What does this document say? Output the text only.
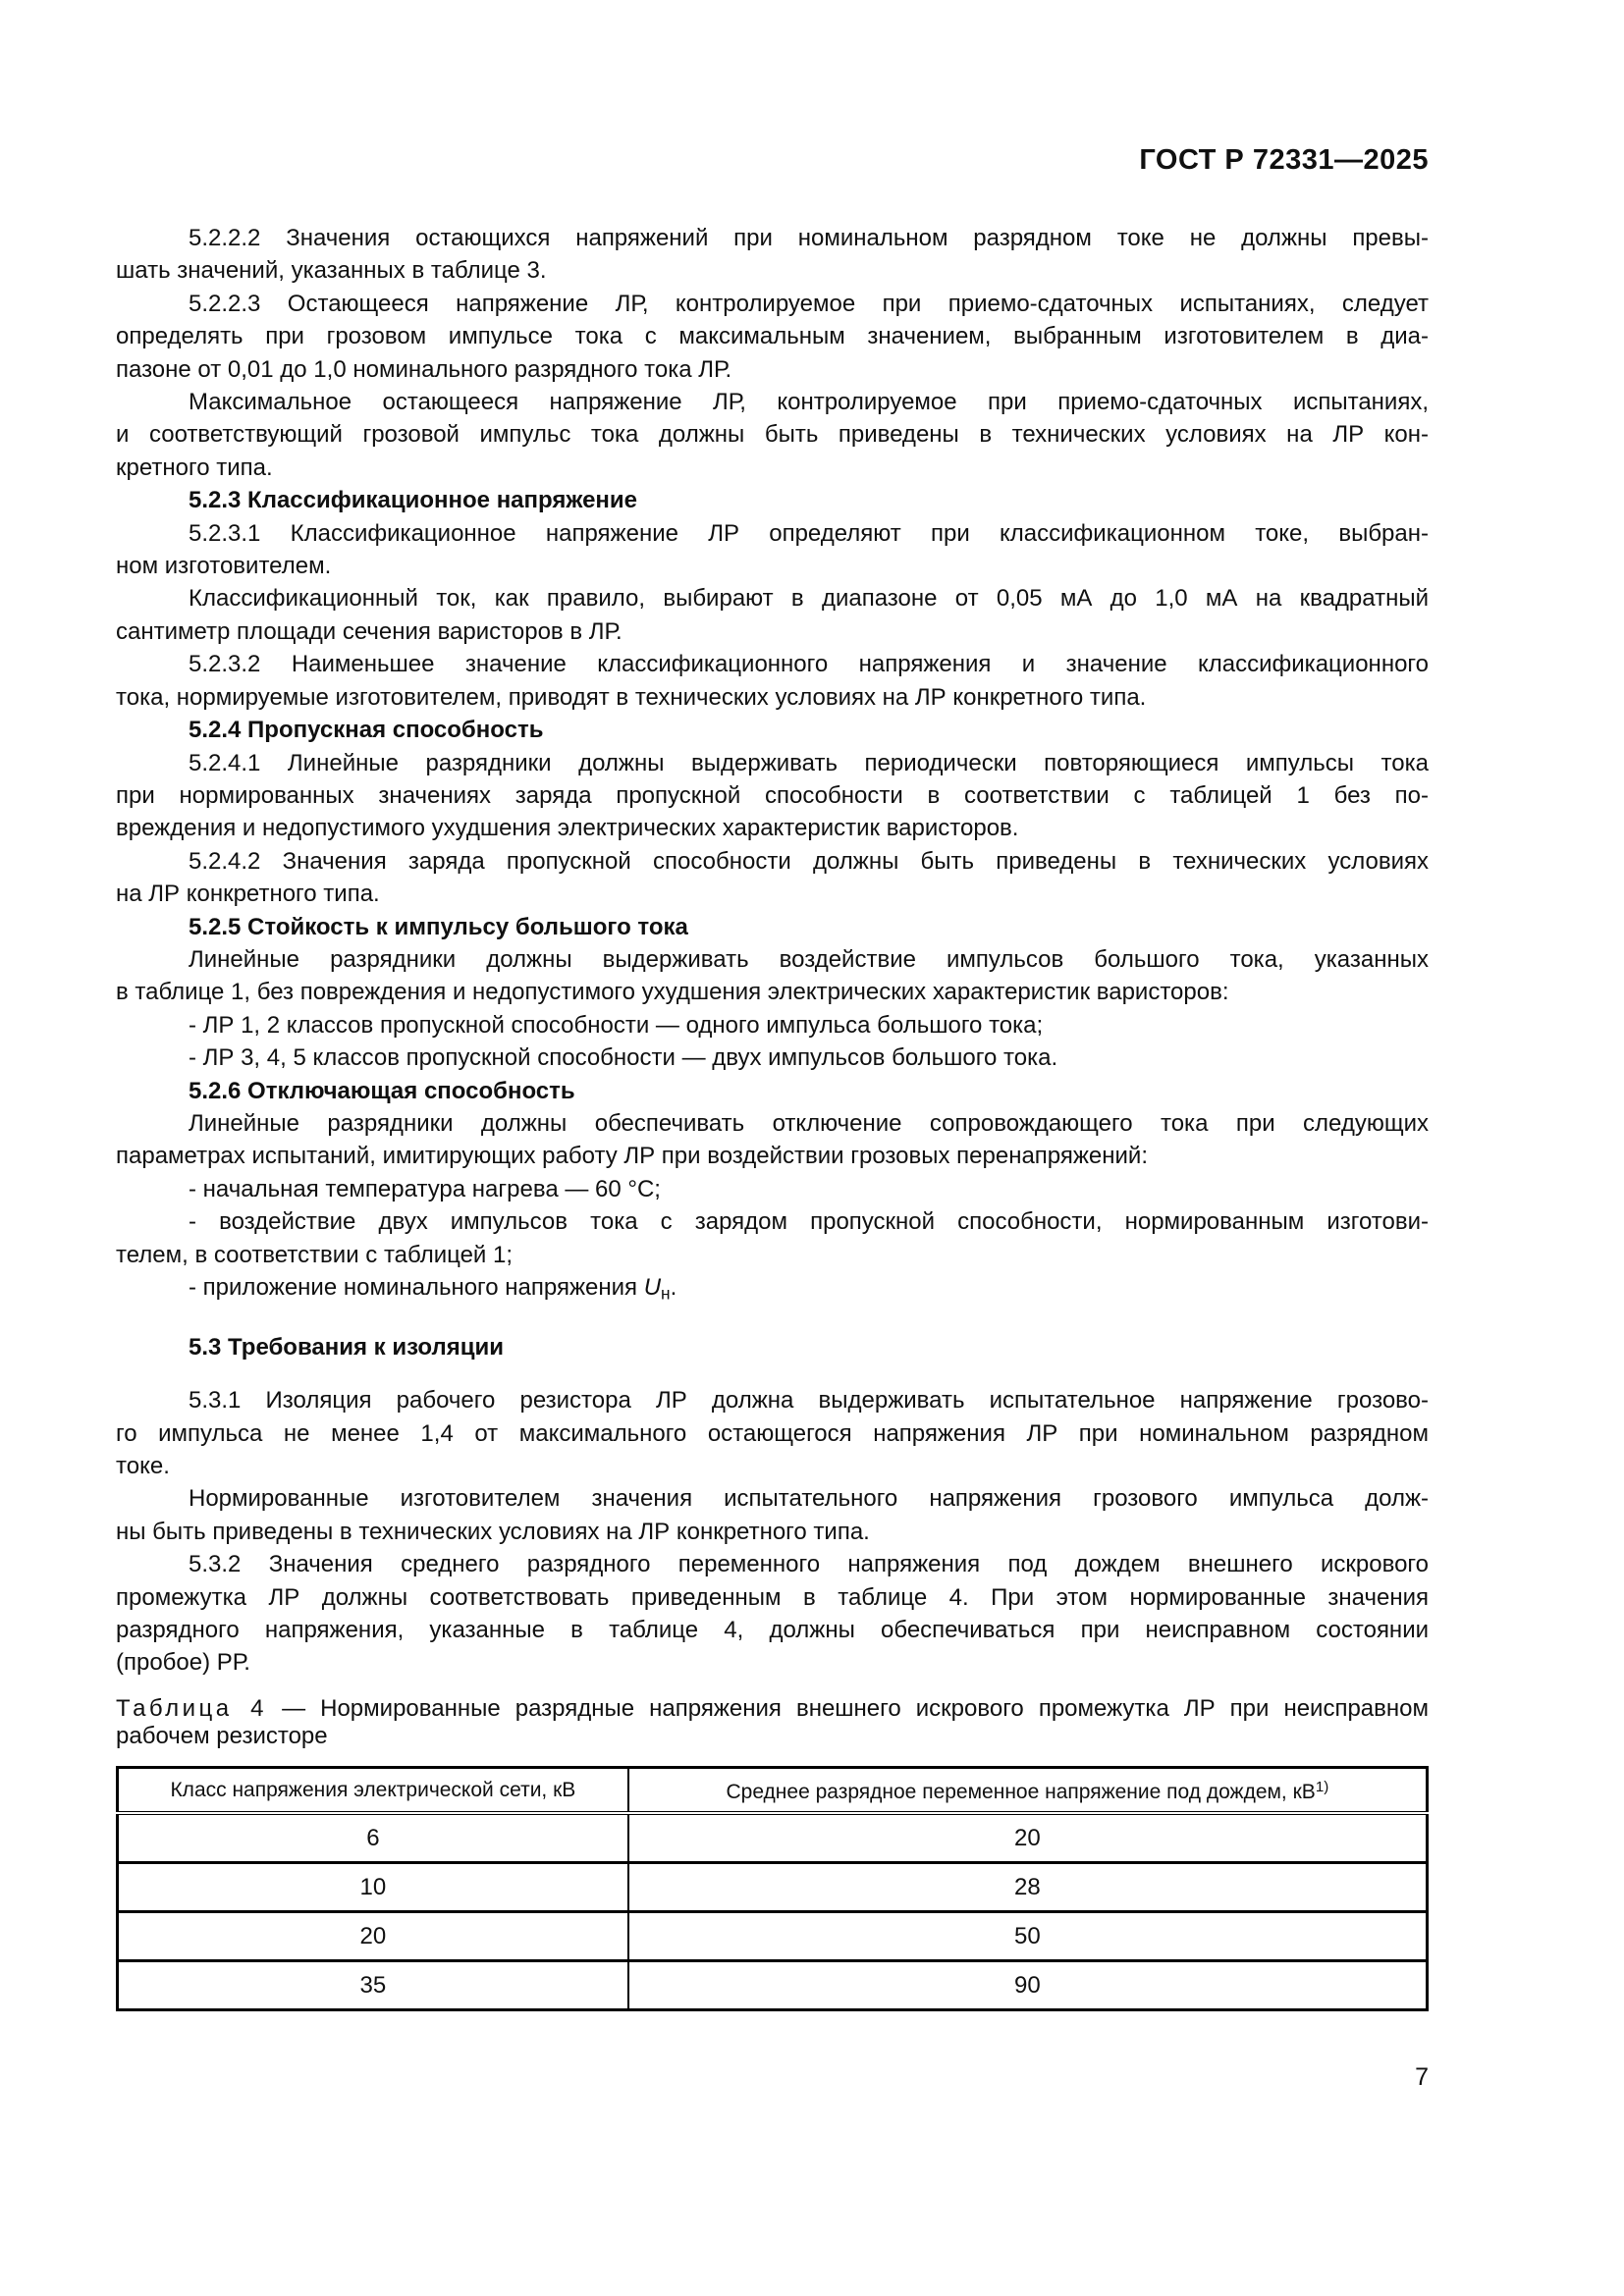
ГОСТ Р 72331—2025
5.2.2.2 Значения остающихся напряжений при номинальном разрядном токе не должны превы-
шать значений, указанных в таблице 3.
5.2.2.3 Остающееся напряжение ЛР, контролируемое при приемо-сдаточных испытаниях, следует
определять при грозовом импульсе тока с максимальным значением, выбранным изготовителем в диа-
пазоне от 0,01 до 1,0 номинального разрядного тока ЛР.
Максимальное остающееся напряжение ЛР, контролируемое при приемо-сдаточных испытаниях,
и соответствующий грозовой импульс тока должны быть приведены в технических условиях на ЛР кон-
кретного типа.
5.2.3 Классификационное напряжение
5.2.3.1 Классификационное напряжение ЛР определяют при классификационном токе, выбран-
ном изготовителем.
Классификационный ток, как правило, выбирают в диапазоне от 0,05 мА до 1,0 мА на квадратный
сантиметр площади сечения варисторов в ЛР.
5.2.3.2 Наименьшее значение классификационного напряжения и значение классификационного
тока, нормируемые изготовителем, приводят в технических условиях на ЛР конкретного типа.
5.2.4 Пропускная способность
5.2.4.1 Линейные разрядники должны выдерживать периодически повторяющиеся импульсы тока
при нормированных значениях заряда пропускной способности в соответствии с таблицей 1 без по-
вреждения и недопустимого ухудшения электрических характеристик варисторов.
5.2.4.2 Значения заряда пропускной способности должны быть приведены в технических условиях
на ЛР конкретного типа.
5.2.5 Стойкость к импульсу большого тока
Линейные разрядники должны выдерживать воздействие импульсов большого тока, указанных
в таблице 1, без повреждения и недопустимого ухудшения электрических характеристик варисторов:
- ЛР 1, 2 классов пропускной способности — одного импульса большого тока;
- ЛР 3, 4, 5 классов пропускной способности — двух импульсов большого тока.
5.2.6 Отключающая способность
Линейные разрядники должны обеспечивать отключение сопровождающего тока при следующих
параметрах испытаний, имитирующих работу ЛР при воздействии грозовых перенапряжений:
- начальная температура нагрева — 60 °С;
- воздействие двух импульсов тока с зарядом пропускной способности, нормированным изготови-
телем, в соответствии с таблицей 1;
- приложение номинального напряжения $U_н$.
5.3 Требования к изоляции
5.3.1 Изоляция рабочего резистора ЛР должна выдерживать испытательное напряжение грозово-
го импульса не менее 1,4 от максимального остающегося напряжения ЛР при номинальном разрядном
токе.
Нормированные изготовителем значения испытательного напряжения грозового импульса долж-
ны быть приведены в технических условиях на ЛР конкретного типа.
5.3.2 Значения среднего разрядного переменного напряжения под дождем внешнего искрового
промежутка ЛР должны соответствовать приведенным в таблице 4. При этом нормированные значения
разрядного напряжения, указанные в таблице 4, должны обеспечиваться при неисправном состоянии
(пробое) РР.
Таблица 4 — Нормированные разрядные напряжения внешнего искрового промежутка ЛР при неисправном
рабочем резисторе
Класс напряжения электрической сети, кВ	Среднее разрядное переменное напряжение под дождем, $кВ^{1)}$
6	20
10	28
20	50
35	90
7
